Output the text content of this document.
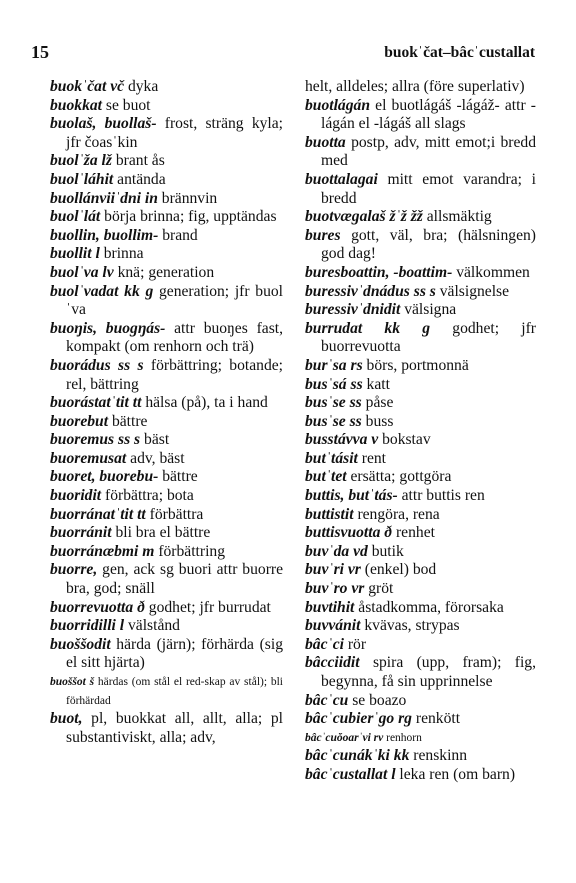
15	buokˈčat–bâcˈcustallat
buokˈčat vč dyka
buokkat se buot
buolaš, buollaš- frost, sträng kyla; jfr čoasˈkin
buolˈža lž brant ås
buolˈláhit antända
buollánviiˈdni in brännvin
buolˈlát börja brinna; fig, upptändas
buollin, buollim- brand
buollit l brinna
buolˈva lv knä; generation
buolˈvadat kk g generation; jfr buolˈva
buoŋis, buogŋás- attr buoŋes fast, kompakt (om renhorn och trä)
buorádus ss s förbättring; botande; rel, bättring
buorástatˈtit tt hälsa (på), ta i hand
buorebut bättre
buoremus ss s bäst
buoremusat adv, bäst
buoret, buorebu- bättre
buoridit förbättra; bota
buorránatˈtit tt förbättra
buorránit bli bra el bättre
buorránæbmi m förbättring
buorre, gen, ack sg buori attr buorre bra, god; snäll
buorrevuotta ð godhet; jfr burrudat
buorridilli l välstånd
buoššodit härda (järn); förhärda (sig el sitt hjärta)
buoššot š härdas (om stål el red-skap av stål); bli förhärdad
buot, pl, buokkat all, allt, alla; pl substantiviskt, alla; adv,
helt, alldeles; allra (före superlativ)
buotlágán el buotlágáš -lágáž- attr -lágán el -lágáš all slags
buotta postp, adv, mitt emot;i bredd med
buottalagai mitt emot varandra; i bredd
buotvægalaš žˈž žž allsmäktig
bures gott, väl, bra; (hälsningen) god dag!
buresboattin, -boattim- välkommen
buressivˈdnádus ss s välsignelse
buressivˈdnidit välsigna
burrudat kk g godhet; jfr buorrevuotta
burˈsa rs börs, portmonnä
busˈsá ss katt
busˈse ss påse
busˈse ss buss
busstávva v bokstav
butˈtásit rent
butˈtet ersätta; gottgöra
buttis, butˈtás- attr buttis ren
buttistit rengöra, rena
buttisvuotta ð renhet
buvˈda vd butik
buvˈri vr (enkel) bod
buvˈro vr gröt
buvtihit åstadkomma, förorsaka
buvvánit kvävas, strypas
bâcˈci rör
bâcciidit spira (upp, fram); fig, begynna, få sin upprinnelse
bâcˈcu se boazo
bâcˈcubierˈgo rg renkött
bâcˈcuŏoarˈvi rv renhorn
bâcˈcunákˈki kk renskinn
bâcˈcustallat l leka ren (om barn)
